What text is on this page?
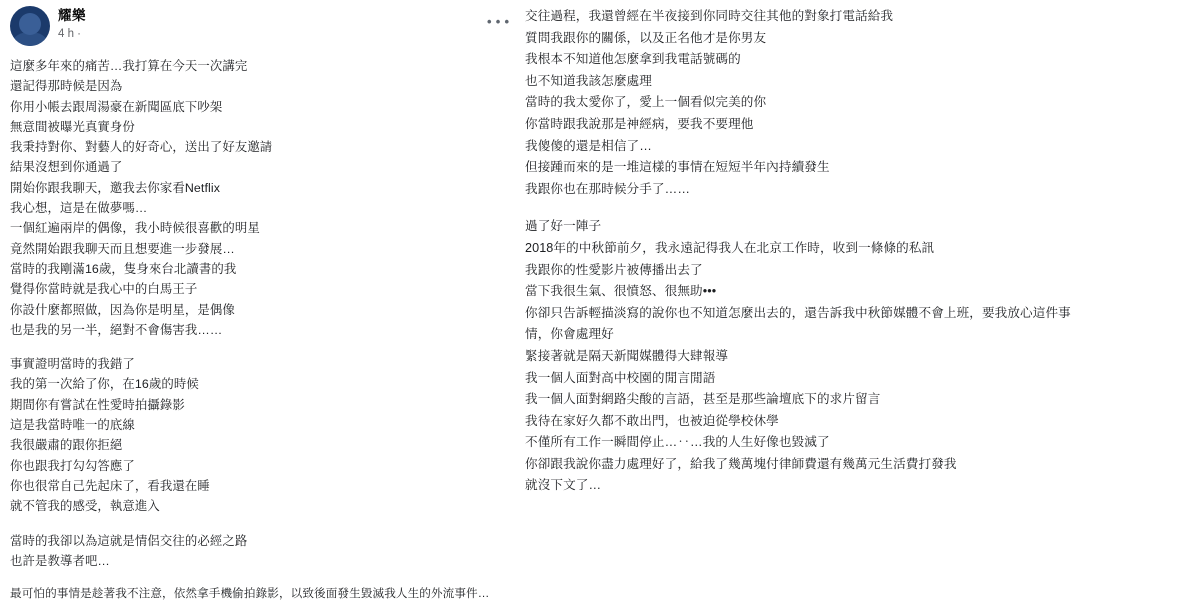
耀樂
4 h ·

這麼多年來的痛苦…我打算在今天一次講完

還記得那時候是因為

你用小帳去跟周湯豪在新聞區底下吵架

無意間被曝光真實身份

我秉持對你、對藝人的好奇心，送出了好友邀請

結果沒想到你通過了

開始你跟我聊天，邀我去你家看Netflix

我心想，這是在做夢嗎…

一個紅遍兩岸的偶像，我小時候很喜歡的明星

竟然開始跟我聊天而且想要進一步發展…

當時的我剛滿16歲，隻身來台北讀書的我

覺得你當時就是我心中的白馬王子

你設什麼都照做，因為你是明星，是偶像

也是我的另一半，絕對不會傷害我……

事實證明當時的我錯了

我的第一次給了你，在16歲的時候

期間你有嘗試在性愛時拍攝錄影

這是我當時唯一的底線

我很嚴肅的跟你拒絕

你也跟我打勾勾答應了

你也很常自己先起床了，看我還在睡

就不管我的感受，執意進入

當時的我卻以為這就是情侶交往的必經之路

也許是教導者吧…

最可怕的事情是趁著我不注意，依然拿手機偷拍錄影，以致後面發生毀滅我人生的外流事件…

• • • 交往過程，我還曾經在半夜接到你同時交往其他的對象打電話給我

質問我跟你的關係，以及正名他才是你男友

我根本不知道他怎麼拿到我電話號碼的

也不知道我該怎麼處理

當時的我太愛你了，愛上一個看似完美的你

你當時跟我說那是神經病，要我不要理他

我傻傻的還是相信了…

但接踵而來的是一堆這樣的事情在短短半年內持續發生

我跟你也在那時候分手了……

過了好一陣子

2018年的中秋節前夕，我永遠記得我人在北京工作時，收到一條條的私訊

我跟你的性愛影片被傳播出去了

當下我很生氣、很憤怒、很無助•••

你卻只告訴輕描淡寫的說你也不知道怎麼出去的，還告訴我中秋節媒體不會上班，要我放心這件事

情，你會處理好

緊接著就是隔天新聞媒體得大肆報導

我一個人面對高中校園的閒言閒語

我一個人面對網路尖酸的言語，甚至是那些論壇底下的求片留言

我待在家好久都不敢出門，也被迫從學校休學

不僅所有工作一瞬間停止…‥…我的人生好像也毀滅了

你卻跟我說你盡力處理好了，給我了幾萬塊付律師費還有幾萬元生活費打發我

就沒下文了…
